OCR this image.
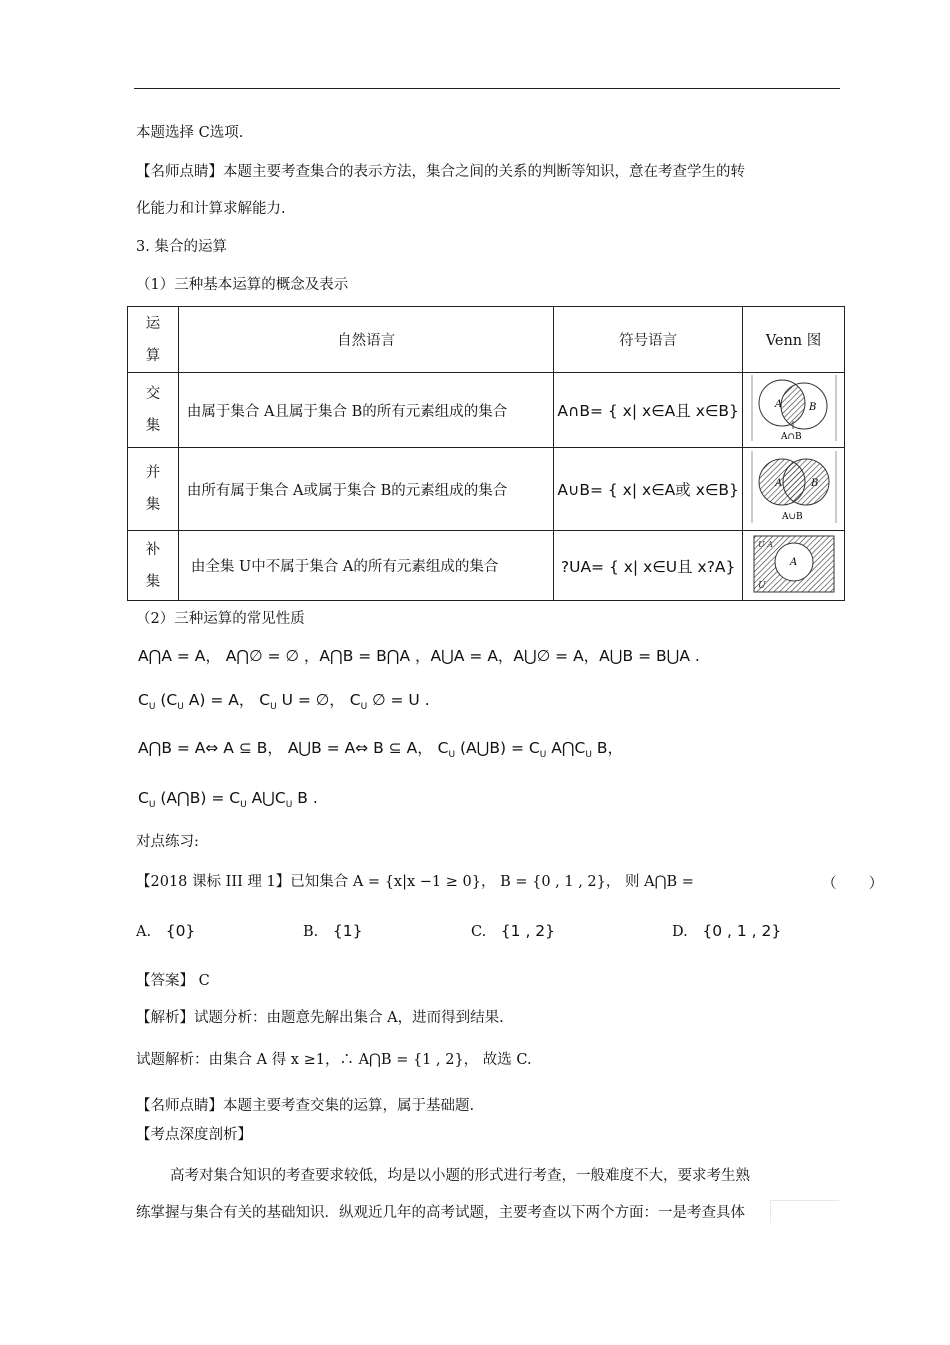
本题选择 C选项.
【名师点睛】本题主要考查集合的表示方法，集合之间的关系的判断等知识，意在考查学生的转
化能力和计算求解能力.
3. 集合的运算
（1）三种基本运算的概念及表示
运
算	自然语言	符号语言	Venn 图
交
集	由属于集合 A且属于集合 B的所有元素组成的集合	A∩B= { x| x∈A且 x∈B}	A B
A∩B

并
集	由所有属于集合 A或属于集合 B的元素组成的集合	A∪B= { x| x∈A或 x∈B}	A B
A∪B

补
集	由全集 U中不属于集合 A的所有元素组成的集合	?UA= { x| x∈U且 x?A}	U A
A
U
（2）三种运算的常见性质
A⋂A = A， A⋂∅ = ∅ ，A⋂B = B⋂A ，A⋃A = A，A⋃∅ = A，A⋃B = B⋃A .
$C_U$ ($C_U$ A) = A， $C_U$ U = ∅， $C_U$ ∅ = U .
A⋂B = A⇔ A ⊆ B， A⋃B = A⇔ B ⊆ A， $C_U$ (A⋃B) = $C_U$ $A⋂C_U$ B，
$C_U$ (A⋂B) = $C_U$ $A⋃C_U$ B .
对点练习:
【2018 课标 III 理 1】已知集合 A = {x|x −1 ≥ 0}， B = {0 , 1 , 2}， 则 A⋂B =	（       ）
A. {0}	B. {1}	C. {1 , 2}	D. {0 , 1 , 2}
【答案】 C
【解析】试题分析：由题意先解出集合 A，进而得到结果.
试题解析：由集合 A 得 x ≥1，∴ A⋂B = {1 , 2}， 故选 C.
【名师点睛】本题主要考查交集的运算，属于基础题.
【考点深度剖析】
高考对集合知识的考查要求较低，均是以小题的形式进行考查，一般难度不大，要求考生熟
练掌握与集合有关的基础知识．纵观近几年的高考试题，主要考查以下两个方面：一是考查具体
